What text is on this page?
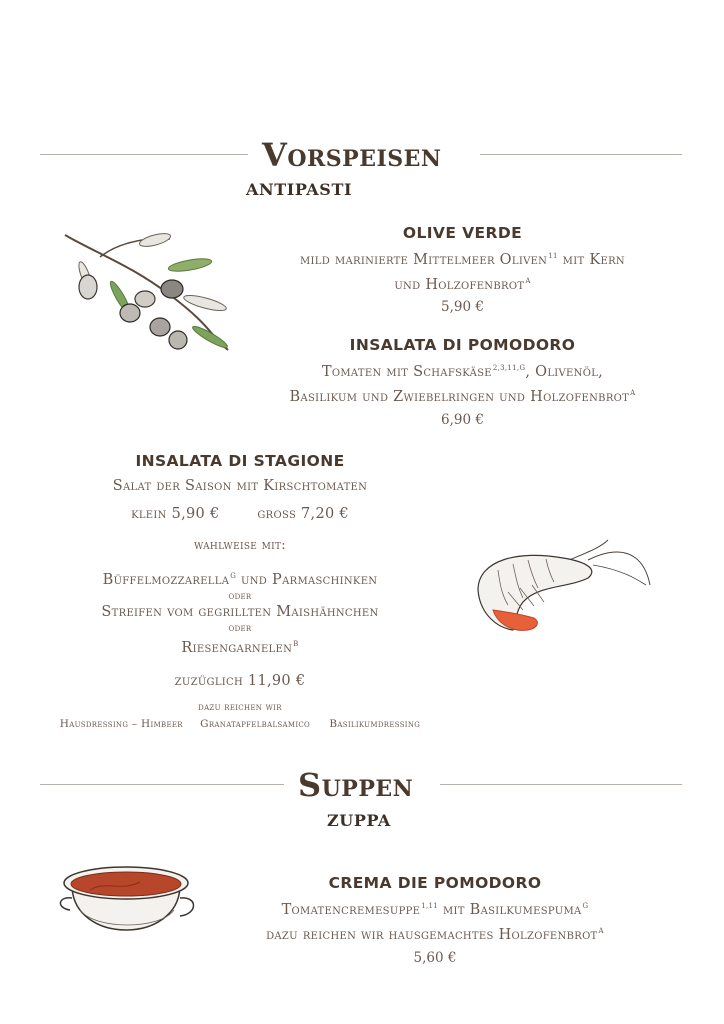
Vorspeisen
ANTIPASTI
OLIVE VERDE
mild marinierte Mittelmeer Oliven$^{11}$ mit Kern
und Holzofenbrot$^A$
5,90 €
INSALATA DI POMODORO
Tomaten mit Schafskäse$^{2,3,11,G}$, Olivenöl,
Basilikum und Zwiebelringen und Holzofenbrot$^A$
6,90 €
INSALATA DI STAGIONE
Salat der Saison mit Kirschtomaten
klein 5,90 €	gross 7,20 €
wahlweise mit:
Büffelmozzarella$^G$ und Parmaschinken
oder
Streifen vom gegrillten Maishähnchen
oder
Riesengarnelen$^B$
zuzüglich 11,90 €
dazu reichen wir
Hausdressing – Himbeer Granatapfelbalsamico Basilikumdressing
Suppen
ZUPPA
CREMA DIE POMODORO
Tomatencremesuppe$^{1,11}$ mit Basilkumespuma$^G$
dazu reichen wir hausgemachtes Holzofenbrot$^A$
5,60 €
